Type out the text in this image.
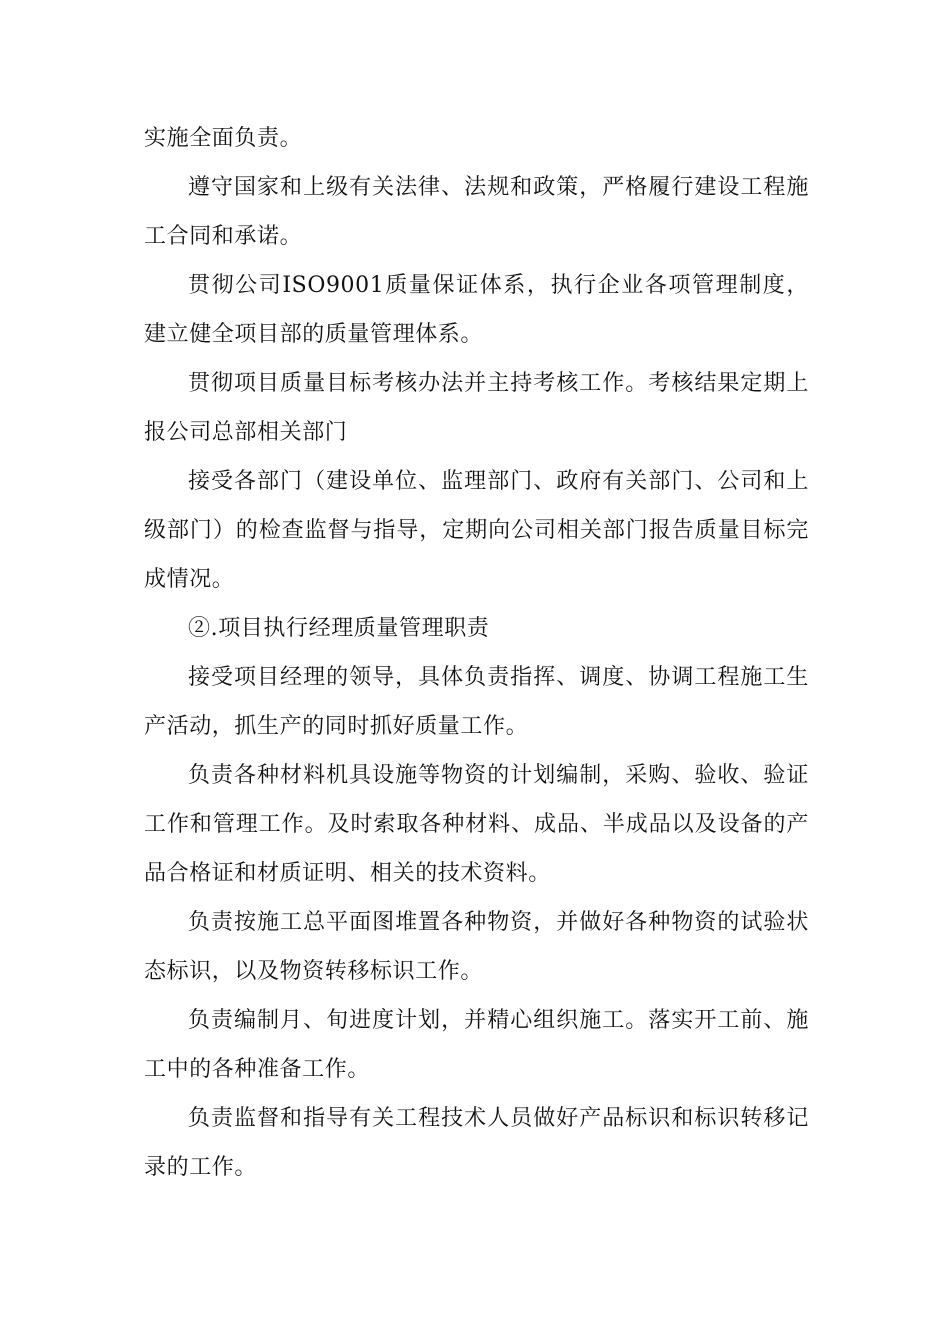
实施全面负责。

遵守国家和上级有关法律、法规和政策，严格履行建设工程施工合同和承诺。

贯彻公司ISO9001质量保证体系，执行企业各项管理制度，建立健全项目部的质量管理体系。

贯彻项目质量目标考核办法并主持考核工作。考核结果定期上报公司总部相关部门

接受各部门（建设单位、监理部门、政府有关部门、公司和上级部门）的检查监督与指导，定期向公司相关部门报告质量目标完成情况。

②.项目执行经理质量管理职责

接受项目经理的领导，具体负责指挥、调度、协调工程施工生产活动，抓生产的同时抓好质量工作。

负责各种材料机具设施等物资的计划编制，采购、验收、验证工作和管理工作。及时索取各种材料、成品、半成品以及设备的产品合格证和材质证明、相关的技术资料。

负责按施工总平面图堆置各种物资，并做好各种物资的试验状态标识，以及物资转移标识工作。

负责编制月、旬进度计划，并精心组织施工。落实开工前、施工中的各种准备工作。

负责监督和指导有关工程技术人员做好产品标识和标识转移记录的工作。
